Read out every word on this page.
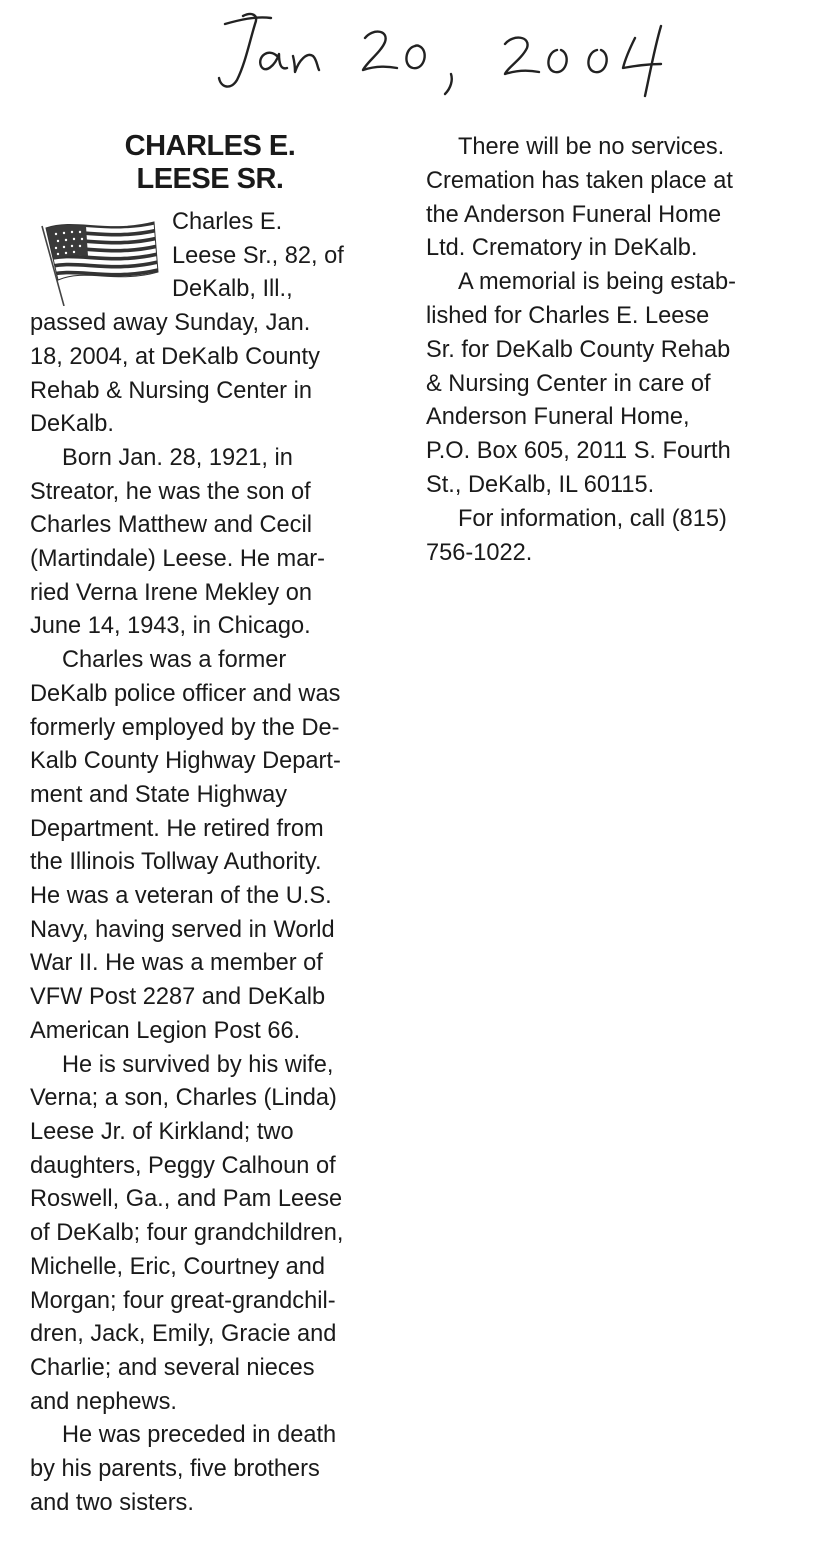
CHARLES E.
LEESE SR.
Charles E.
Leese Sr., 82, of
DeKalb, Ill.,
passed away Sunday, Jan.
18, 2004, at DeKalb County
Rehab & Nursing Center in
DeKalb.
Born Jan. 28, 1921, in
Streator, he was the son of
Charles Matthew and Cecil
(Martindale) Leese. He mar-
ried Verna Irene Mekley on
June 14, 1943, in Chicago.
Charles was a former
DeKalb police officer and was
formerly employed by the De-
Kalb County Highway Depart-
ment and State Highway
Department. He retired from
the Illinois Tollway Authority.
He was a veteran of the U.S.
Navy, having served in World
War II. He was a member of
VFW Post 2287 and DeKalb
American Legion Post 66.
He is survived by his wife,
Verna; a son, Charles (Linda)
Leese Jr. of Kirkland; two
daughters, Peggy Calhoun of
Roswell, Ga., and Pam Leese
of DeKalb; four grandchildren,
Michelle, Eric, Courtney and
Morgan; four great-grandchil-
dren, Jack, Emily, Gracie and
Charlie; and several nieces
and nephews.
He was preceded in death
by his parents, five brothers
and two sisters.
There will be no services.
Cremation has taken place at
the Anderson Funeral Home
Ltd. Crematory in DeKalb.
A memorial is being estab-
lished for Charles E. Leese
Sr. for DeKalb County Rehab
& Nursing Center in care of
Anderson Funeral Home,
P.O. Box 605, 2011 S. Fourth
St., DeKalb, IL 60115.
For information, call (815)
756-1022.
